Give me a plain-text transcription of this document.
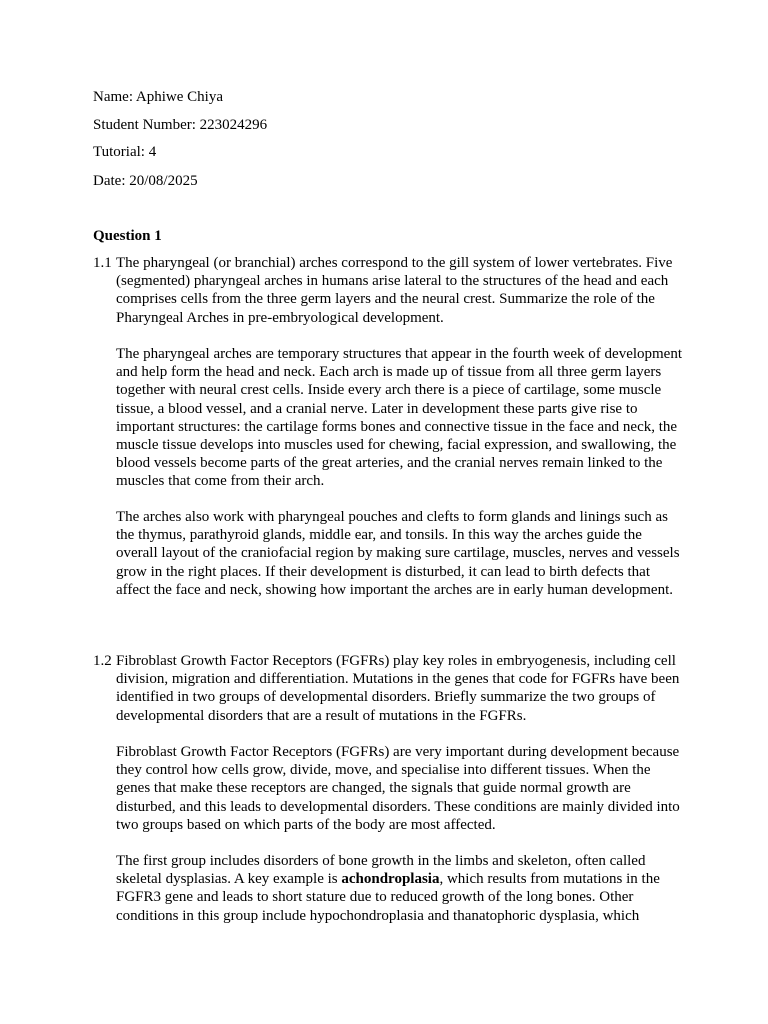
Name: Aphiwe Chiya

Student Number: 223024296

Tutorial: 4

Date: 20/08/2025

Question 1

1.1 The pharyngeal (or branchial) arches correspond to the gill system of lower vertebrates. Five (segmented) pharyngeal arches in humans arise lateral to the structures of the head and each comprises cells from the three germ layers and the neural crest. Summarize the role of the Pharyngeal Arches in pre-embryological development.

The pharyngeal arches are temporary structures that appear in the fourth week of development and help form the head and neck. Each arch is made up of tissue from all three germ layers together with neural crest cells. Inside every arch there is a piece of cartilage, some muscle tissue, a blood vessel, and a cranial nerve. Later in development these parts give rise to important structures: the cartilage forms bones and connective tissue in the face and neck, the muscle tissue develops into muscles used for chewing, facial expression, and swallowing, the blood vessels become parts of the great arteries, and the cranial nerves remain linked to the muscles that come from their arch.

The arches also work with pharyngeal pouches and clefts to form glands and linings such as the thymus, parathyroid glands, middle ear, and tonsils. In this way the arches guide the overall layout of the craniofacial region by making sure cartilage, muscles, nerves and vessels grow in the right places. If their development is disturbed, it can lead to birth defects that affect the face and neck, showing how important the arches are in early human development.

1.2 Fibroblast Growth Factor Receptors (FGFRs) play key roles in embryogenesis, including cell division, migration and differentiation. Mutations in the genes that code for FGFRs have been identified in two groups of developmental disorders. Briefly summarize the two groups of developmental disorders that are a result of mutations in the FGFRs.

Fibroblast Growth Factor Receptors (FGFRs) are very important during development because they control how cells grow, divide, move, and specialise into different tissues. When the genes that make these receptors are changed, the signals that guide normal growth are disturbed, and this leads to developmental disorders. These conditions are mainly divided into two groups based on which parts of the body are most affected.

The first group includes disorders of bone growth in the limbs and skeleton, often called skeletal dysplasias. A key example is achondroplasia, which results from mutations in the FGFR3 gene and leads to short stature due to reduced growth of the long bones. Other conditions in this group include hypochondroplasia and thanatophoric dysplasia, which
